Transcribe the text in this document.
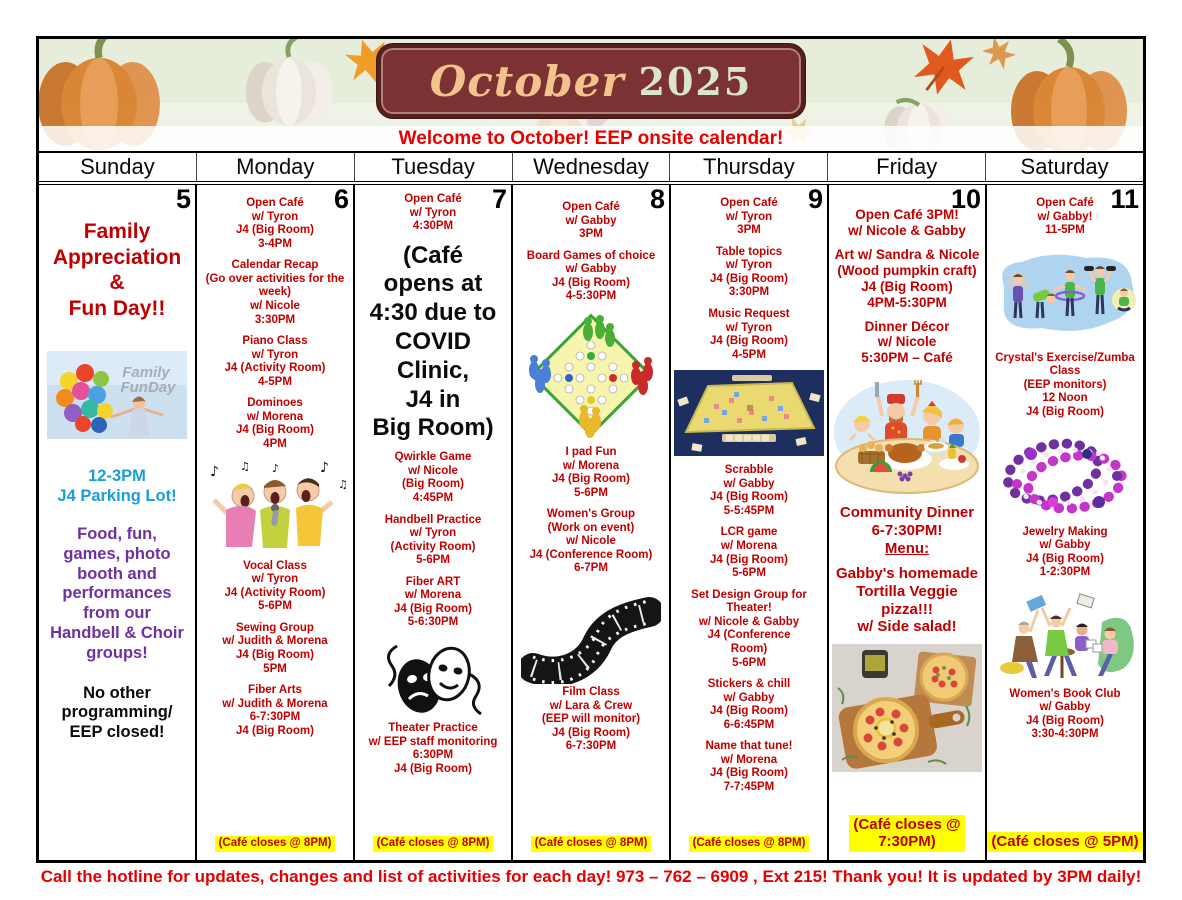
October 2025
Welcome to October! EEP onsite calendar!
Sunday	Monday	Tuesday	Wednesday	Thursday	Friday	Saturday
5
Family
Appreciation
&
Fun Day!!
Family
FunDay
12-3PM
J4 Parking Lot!
Food, fun,
games, photo
booth and
performances
from our
Handbell & Choir
groups!
No other
programming/
EEP closed!
6
Open Café
w/ Tyron
J4 (Big Room)
3-4PM
Calendar Recap
(Go over activities for the
week)
w/ Nicole
3:30PM
Piano Class
w/ Tyron
J4 (Activity Room)
4-5PM
Dominoes
w/ Morena
J4 (Big Room)
4PM
♪ ♫	♪
♫
♪
Vocal Class
w/ Tyron
J4 (Activity Room)
5-6PM
Sewing Group
w/ Judith & Morena
J4 (Big Room)
5PM
Fiber Arts
w/ Judith & Morena
6-7:30PM
J4 (Big Room)
(Café closes @ 8PM)
7
Open Café
w/ Tyron
4:30PM
(Café
opens at
4:30 due to
COVID
Clinic,
J4 in
Big Room)
Qwirkle Game
w/ Nicole
(Big Room)
4:45PM
Handbell Practice
w/ Tyron
(Activity Room)
5-6PM
Fiber ART
w/ Morena
J4 (Big Room)
5-6:30PM
Theater Practice
w/ EEP staff monitoring
6:30PM
J4 (Big Room)
(Café closes @ 8PM)
8
Open Café
w/ Gabby
3PM
Board Games of choice
w/ Gabby
J4 (Big Room)
4-5:30PM
I pad Fun
w/ Morena
J4 (Big Room)
5-6PM
Women's Group
(Work on event)
w/ Nicole
J4 (Conference Room)
6-7PM
Film Class
w/ Lara & Crew
(EEP will monitor)
J4 (Big Room)
6-7:30PM
(Café closes @ 8PM)
9
Open Café
w/ Tyron
3PM
Table topics
w/ Tyron
J4 (Big Room)
3:30PM
Music Request
w/ Tyron
J4 (Big Room)
4-5PM
Scrabble
w/ Gabby
J4 (Big Room)
5-5:45PM
LCR game
w/ Morena
J4 (Big Room)
5-6PM
Set Design Group for
Theater!
w/ Nicole & Gabby
J4 (Conference
Room)
5-6PM
Stickers & chill
w/ Gabby
J4 (Big Room)
6-6:45PM
Name that tune!
w/ Morena
J4 (Big Room)
7-7:45PM
(Café closes @ 8PM)
10
Open Café 3PM!
w/ Nicole & Gabby
Art w/ Sandra & Nicole
(Wood pumpkin craft)
J4 (Big Room)
4PM-5:30PM
Dinner Décor
w/ Nicole
5:30PM – Café
Community Dinner
6-7:30PM!
Menu:
Gabby's homemade
Tortilla Veggie
pizza!!!
w/ Side salad!
(Café closes @
7:30PM)
11
Open Café
w/ Gabby!
11-5PM
Crystal's Exercise/Zumba
Class
(EEP monitors)
12 Noon
J4 (Big Room)
Jewelry Making
w/ Gabby
J4 (Big Room)
1-2:30PM
Women's Book Club
w/ Gabby
J4 (Big Room)
3:30-4:30PM
(Café closes @ 5PM)
Call the hotline for updates, changes and list of activities for each day! 973 – 762 – 6909 , Ext 215! Thank you! It is updated by 3PM daily!
